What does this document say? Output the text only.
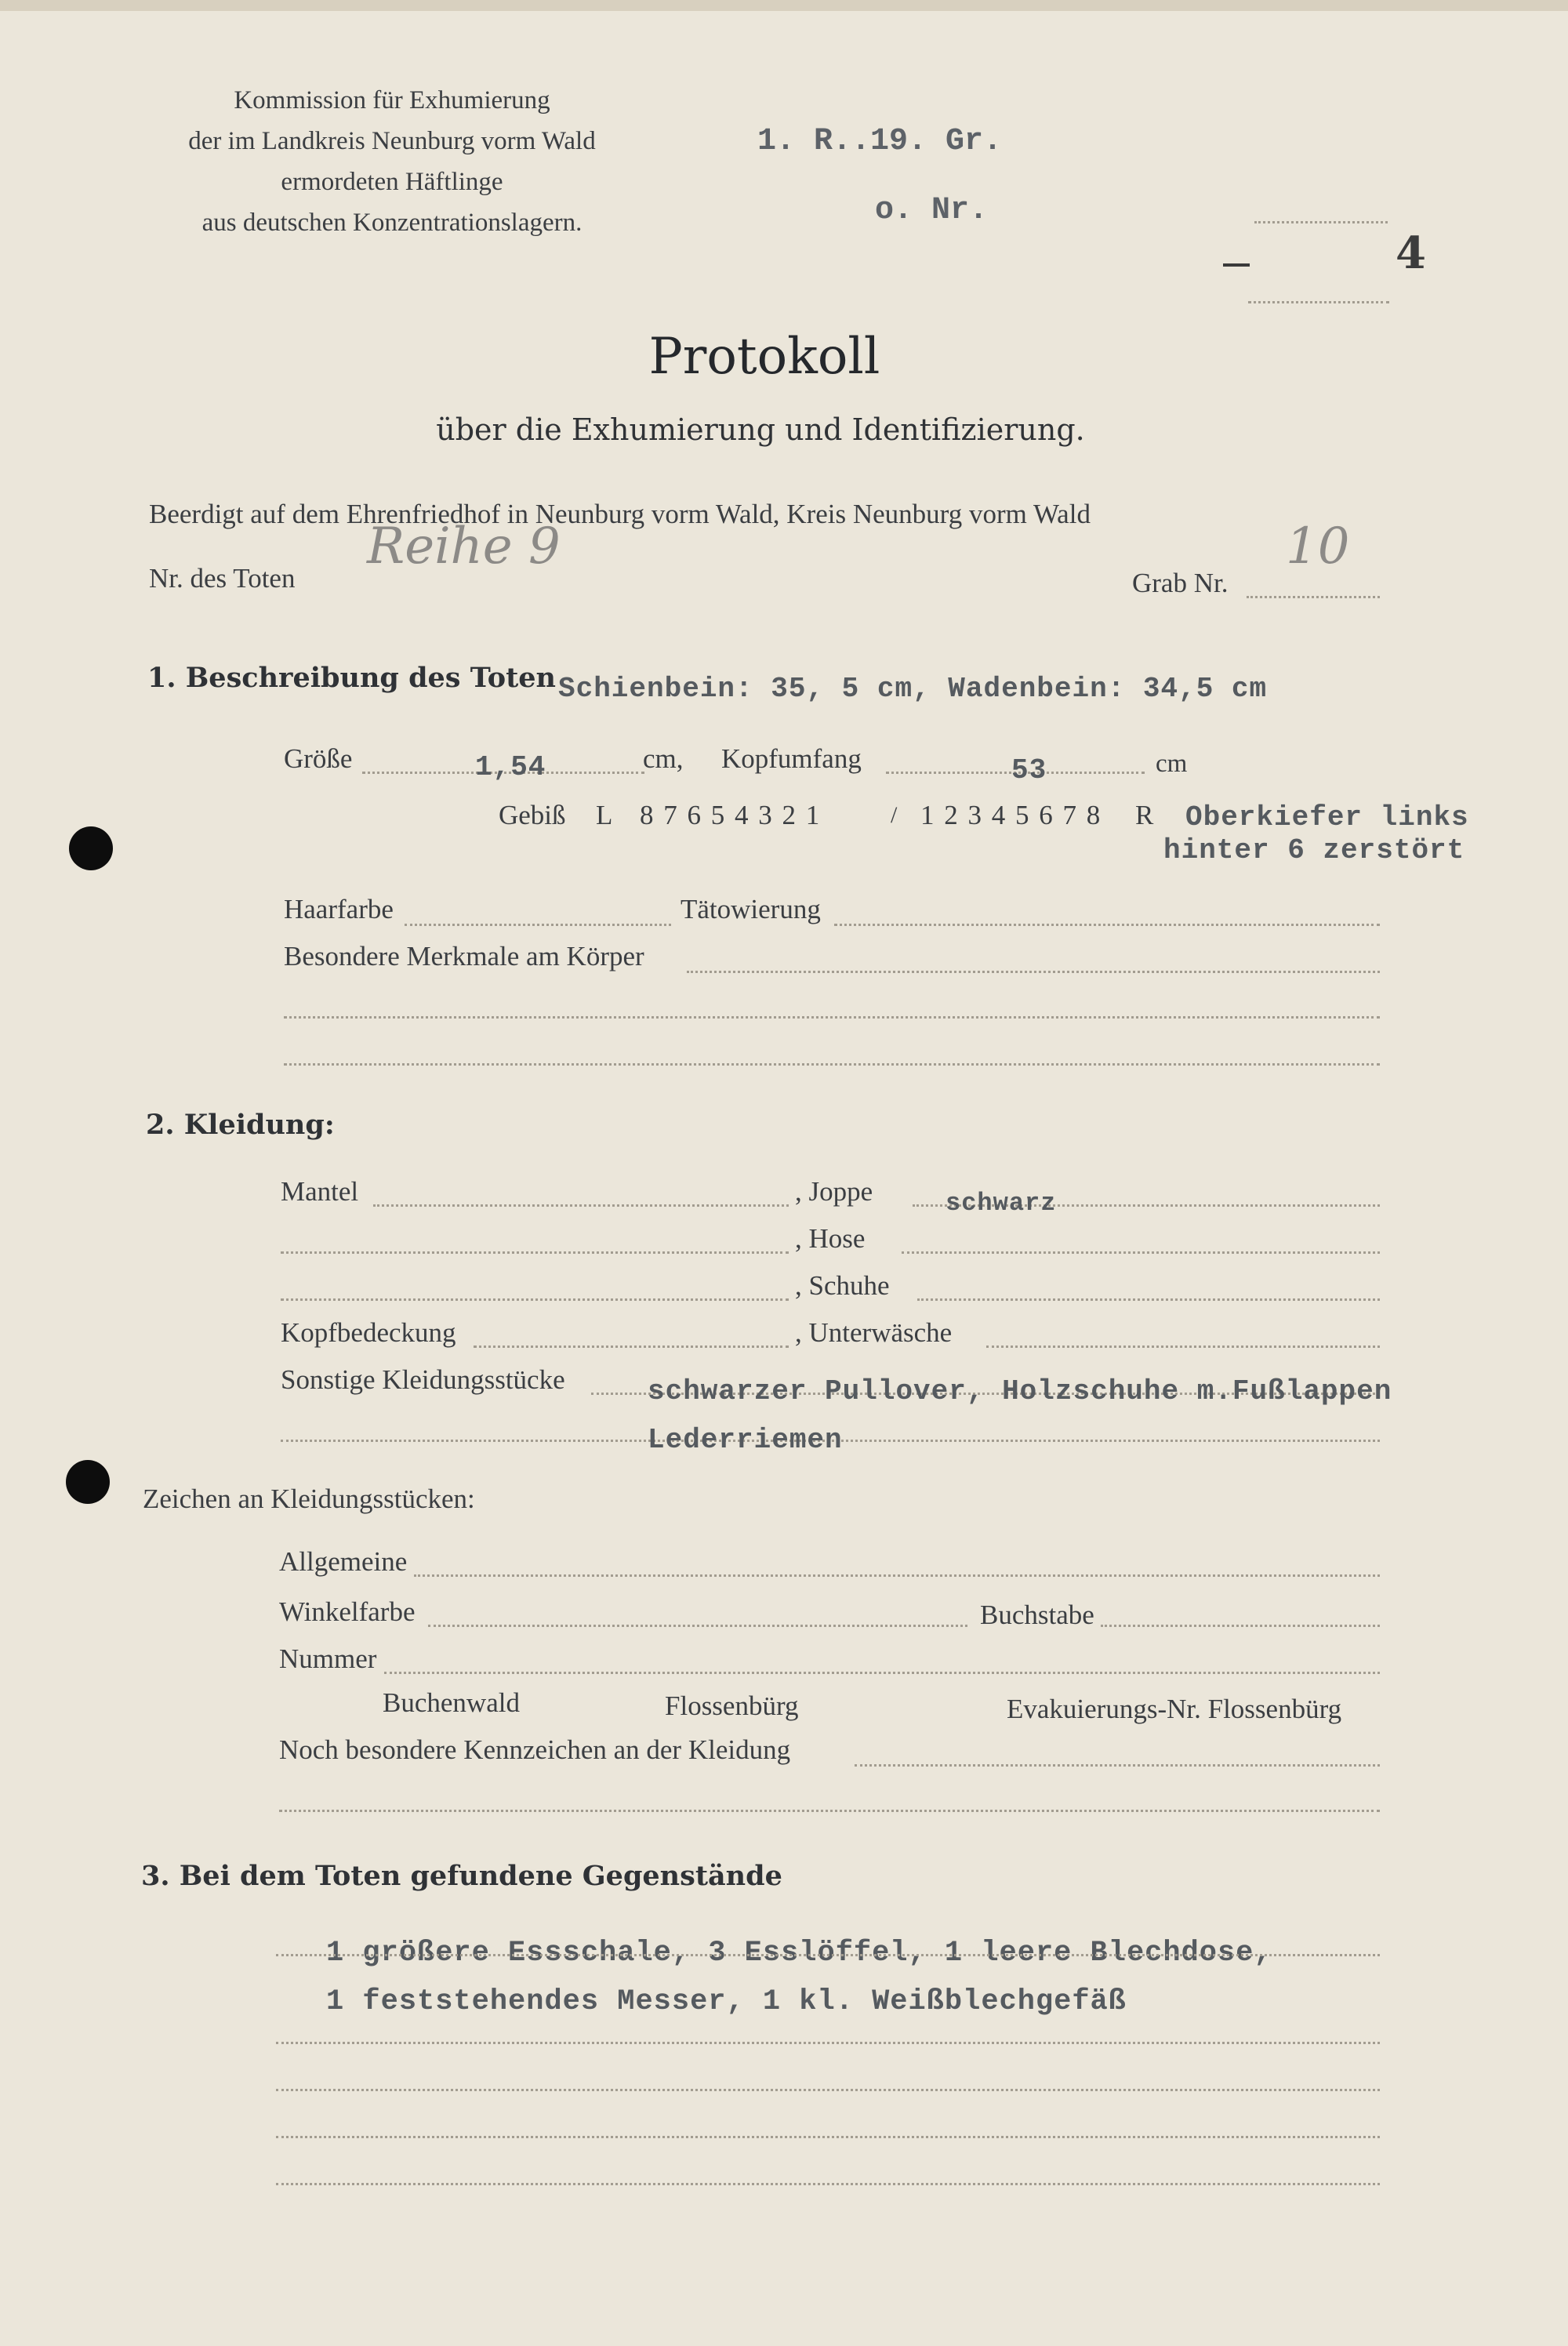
Kommission für Exhumierung
der im Landkreis Neunburg vorm Wald
ermordeten Häftlinge
aus deutschen Konzentrationslagern.
1. R..19. Gr.
o. Nr.
4
Protokoll
über die Exhumierung und Identifizierung.
Beerdigt auf dem Ehrenfriedhof in Neunburg vorm Wald, Kreis Neunburg vorm Wald
Nr. des Toten
Reihe 9
Grab Nr.
10
1. Beschreibung des Toten Schienbein: 35, 5 cm, Wadenbein: 34,5 cm
Größe	1,54	cm, Kopfumfang	53	cm
Gebiß L 8 7 6 5 4 3 2 1	/ 1 2 3 4 5 6 7 8 R Oberkiefer links
hinter 6 zerstört
Haarfarbe	Tätowierung
Besondere Merkmale am Körper
2. Kleidung:
Mantel	, Joppe	schwarz
, Hose
, Schuhe
Kopfbedeckung	, Unterwäsche
Sonstige Kleidungsstücke	schwarzer Pullover, Holzschuhe m.Fußlappen
Lederriemen
Zeichen an Kleidungsstücken:
Allgemeine
Winkelfarbe	Buchstabe
Nummer
Buchenwald	Flossenbürg	Evakuierungs-Nr. Flossenbürg
Noch besondere Kennzeichen an der Kleidung
3. Bei dem Toten gefundene Gegenstände
1 größere Essschale, 3 Esslöffel, 1 leere Blechdose,
1 feststehendes Messer, 1 kl. Weißblechgefäß
